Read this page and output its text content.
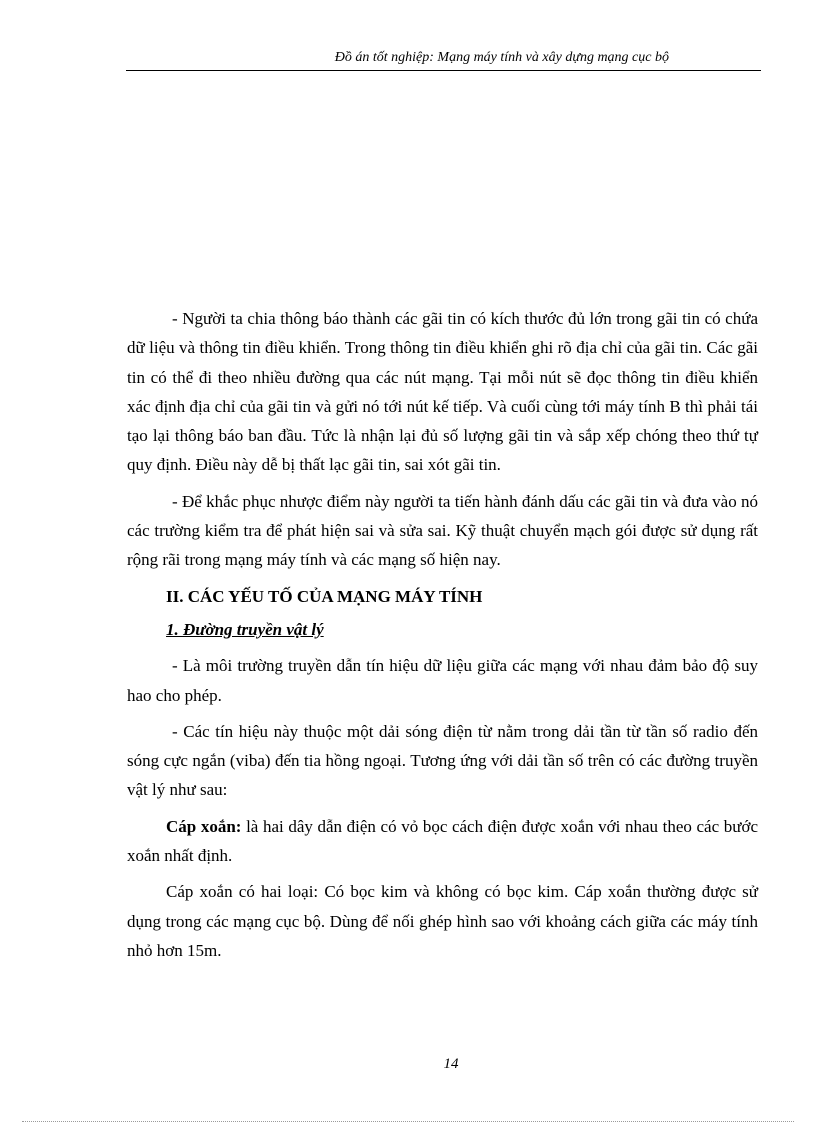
Đồ án tốt nghiệp: Mạng máy tính và xây dựng mạng cục bộ

- Người ta chia thông báo thành các gãi tin có kích thước đủ lớn trong gãi tin có chứa dữ liệu và thông tin điều khiển. Trong thông tin điều khiển ghi rõ địa chỉ của gãi tin. Các gãi tin có thể đi theo nhiều đường qua các nút mạng. Tại mỗi nút sẽ đọc thông tin điều khiển xác định địa chỉ của gãi tin và gửi nó tới nút kế tiếp. Và cuối cùng tới máy tính B thì phải tái tạo lại thông báo ban đầu. Tức là nhận lại đủ số lượng gãi tin và sắp xếp chóng theo thứ tự quy định. Điều này dễ bị thất lạc gãi tin, sai xót gãi tin.

- Để khắc phục nhược điểm này người ta tiến hành đánh dấu các gãi tin và đưa vào nó các trường kiểm tra để phát hiện sai và sửa sai. Kỹ thuật chuyển mạch gói được sử dụng rất rộng rãi trong mạng máy tính và các mạng số hiện nay.

II. CÁC YẾU TỐ CỦA MẠNG MÁY TÍNH
1. Đường truyền vật lý

- Là môi trường truyền dẫn tín hiệu dữ liệu giữa các mạng với nhau đảm bảo độ suy hao cho phép.

- Các tín hiệu này thuộc một dải sóng điện từ nằm trong dải tần từ tần số radio đến sóng cực ngắn (viba) đến tia hồng ngoại. Tương ứng với dải tần số trên có các đường truyền vật lý như sau:

Cáp xoắn: là hai dây dẫn điện có vỏ bọc cách điện được xoắn với nhau theo các bước xoắn nhất định.

Cáp xoắn có hai loại: Có bọc kim và không có bọc kim. Cáp xoắn thường được sử dụng trong các mạng cục bộ. Dùng để nối ghép hình sao với khoảng cách giữa các máy tính nhỏ hơn 15m.

14
